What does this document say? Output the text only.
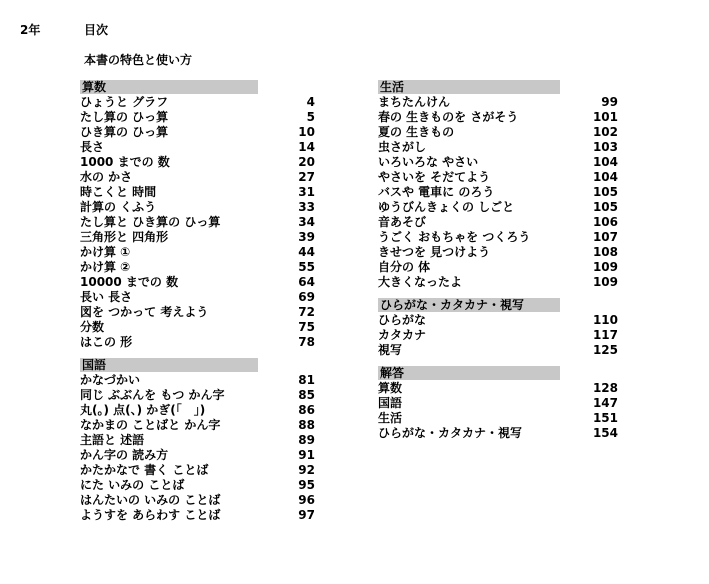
2年	目次
本書の特色と使い方
算数
ひょうと グラフ	4
たし算の ひっ算	5
ひき算の ひっ算	10
長さ	14
1000 までの 数	20
水の かさ	27
時こくと 時間	31
計算の くふう	33
たし算と ひき算の ひっ算	34
三角形と 四角形	39
かけ算 ①	44
かけ算 ②	55
10000 までの 数	64
長い 長さ	69
図を つかって 考えよう	72
分数	75
はこの 形	78
国語
かなづかい	81
同じ ぶぶんを もつ かん字	85
丸(。) 点(、) かぎ(「　」)	86
なかまの ことばと かん字	88
主語と 述語	89
かん字の 読み方	91
かたかなで 書く ことば	92
にた いみの ことば	95
はんたいの いみの ことば	96
ようすを あらわす ことば	97
生活
まちたんけん	99
春の 生きものを さがそう	101
夏の 生きもの	102
虫さがし	103
いろいろな やさい	104
やさいを そだてよう	104
バスや 電車に のろう	105
ゆうびんきょくの しごと	105
音あそび	106
うごく おもちゃを つくろう	107
きせつを 見つけよう	108
自分の 体	109
大きくなったよ	109
ひらがな・カタカナ・視写
ひらがな	110
カタカナ	117
視写	125
解答
算数	128
国語	147
生活	151
ひらがな・カタカナ・視写	154
